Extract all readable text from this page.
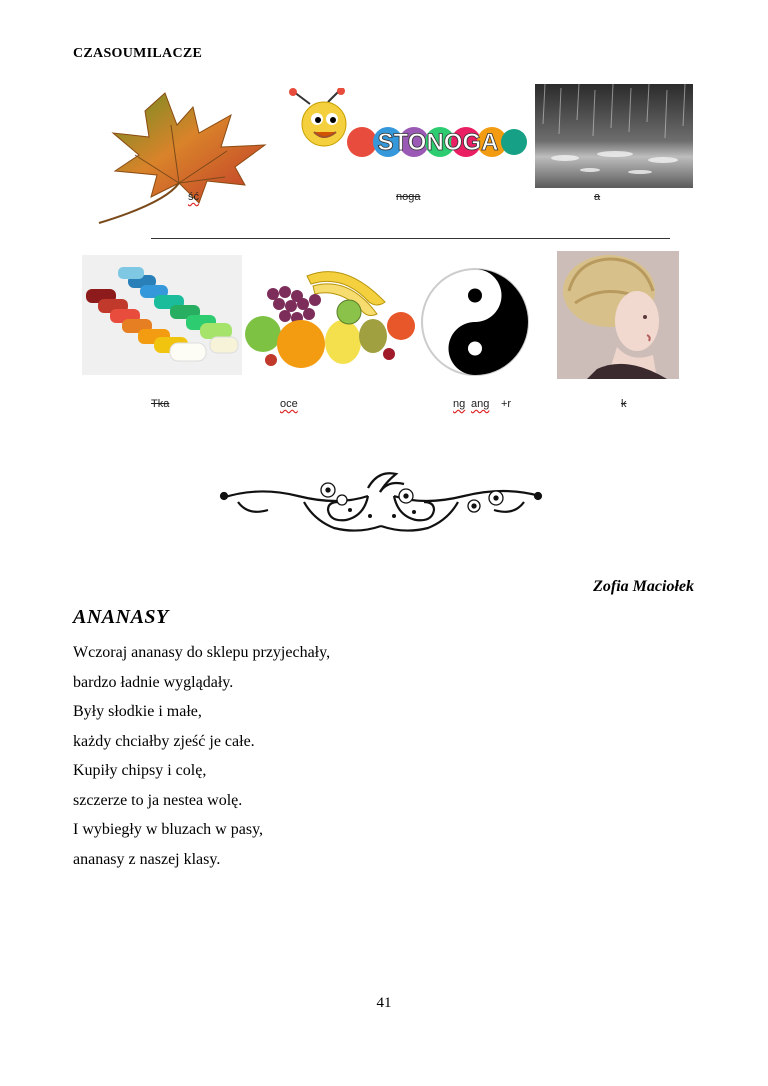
CZASOUMILACZE
ść
STONOGA
noga	a
Tka	oce	ng ang +r	k
Zofia Maciołek
ANANASY
Wczoraj ananasy do sklepu przyjechały,
bardzo ładnie wyglądały.
Były słodkie i małe,
każdy chciałby zjeść je całe.
Kupiły chipsy i colę,
szczerze to ja nestea wolę.
I wybiegły w bluzach w pasy,
ananasy z naszej klasy.
41
